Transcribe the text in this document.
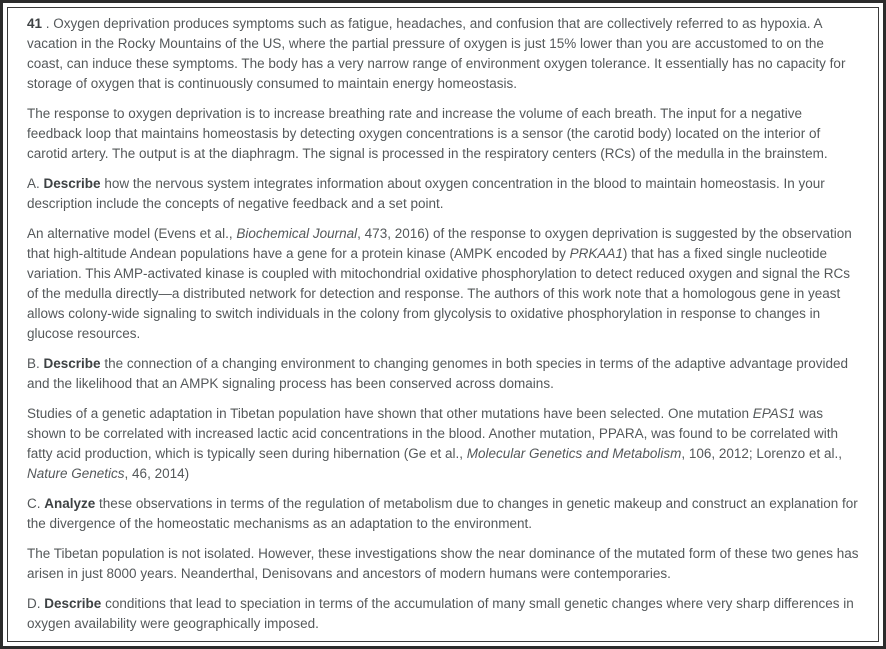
41 . Oxygen deprivation produces symptoms such as fatigue, headaches, and confusion that are collectively referred to as hypoxia. A vacation in the Rocky Mountains of the US, where the partial pressure of oxygen is just 15% lower than you are accustomed to on the coast, can induce these symptoms. The body has a very narrow range of environment oxygen tolerance. It essentially has no capacity for storage of oxygen that is continuously consumed to maintain energy homeostasis.

The response to oxygen deprivation is to increase breathing rate and increase the volume of each breath. The input for a negative feedback loop that maintains homeostasis by detecting oxygen concentrations is a sensor (the carotid body) located on the interior of carotid artery. The output is at the diaphragm. The signal is processed in the respiratory centers (RCs) of the medulla in the brainstem.

A. Describe how the nervous system integrates information about oxygen concentration in the blood to maintain homeostasis. In your description include the concepts of negative feedback and a set point.

An alternative model (Evens et al., Biochemical Journal, 473, 2016) of the response to oxygen deprivation is suggested by the observation that high-altitude Andean populations have a gene for a protein kinase (AMPK encoded by PRKAA1) that has a fixed single nucleotide variation. This AMP-activated kinase is coupled with mitochondrial oxidative phosphorylation to detect reduced oxygen and signal the RCs of the medulla directly—a distributed network for detection and response. The authors of this work note that a homologous gene in yeast allows colony-wide signaling to switch individuals in the colony from glycolysis to oxidative phosphorylation in response to changes in glucose resources.

B. Describe the connection of a changing environment to changing genomes in both species in terms of the adaptive advantage provided and the likelihood that an AMPK signaling process has been conserved across domains.

Studies of a genetic adaptation in Tibetan population have shown that other mutations have been selected. One mutation EPAS1 was shown to be correlated with increased lactic acid concentrations in the blood. Another mutation, PPARA, was found to be correlated with fatty acid production, which is typically seen during hibernation (Ge et al., Molecular Genetics and Metabolism, 106, 2012; Lorenzo et al., Nature Genetics, 46, 2014)

C. Analyze these observations in terms of the regulation of metabolism due to changes in genetic makeup and construct an explanation for the divergence of the homeostatic mechanisms as an adaptation to the environment.

The Tibetan population is not isolated. However, these investigations show the near dominance of the mutated form of these two genes has arisen in just 8000 years. Neanderthal, Denisovans and ancestors of modern humans were contemporaries.

D. Describe conditions that lead to speciation in terms of the accumulation of many small genetic changes where very sharp differences in oxygen availability were geographically imposed.
